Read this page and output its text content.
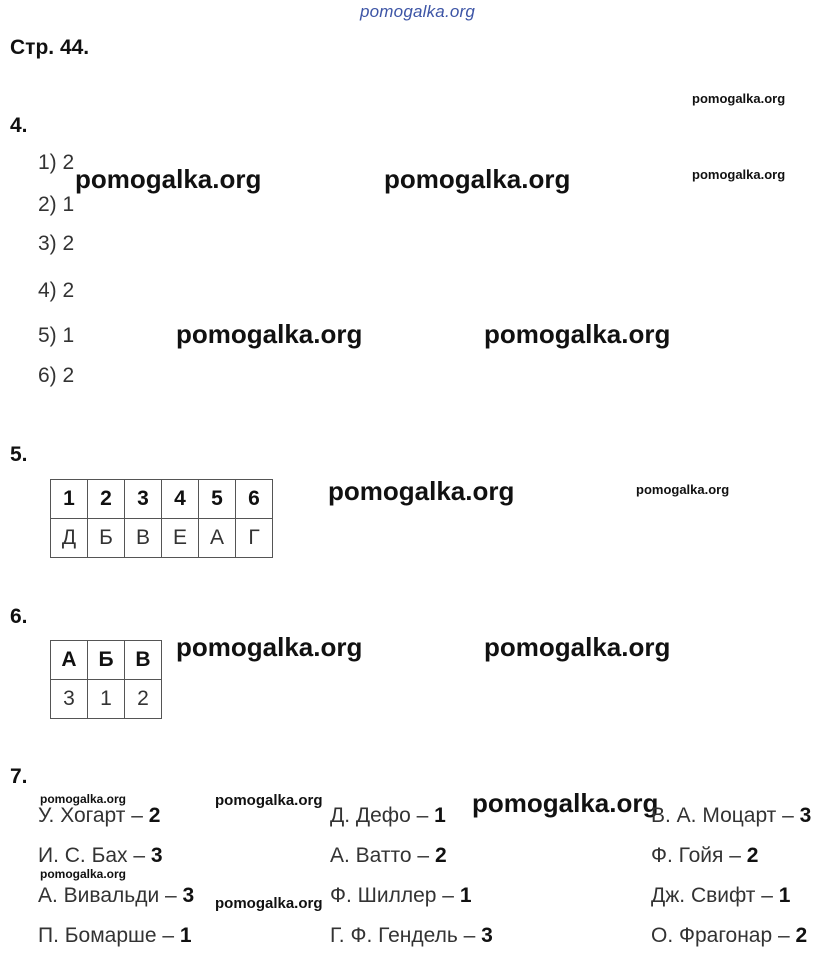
pomogalka.org
Стр. 44.
pomogalka.org
pomogalka.org
pomogalka.org	pomogalka.org
pomogalka.org	pomogalka.org
pomogalka.org	pomogalka.org
pomogalka.org	pomogalka.org
pomogalka.org	pomogalka.org	pomogalka.org
pomogalka.org
pomogalka.org
4.
1) 2
2) 1
3) 2
4) 2
5) 1
6) 2
5.
1	2	3	4	5	6
Д	Б	В	Е	А	Г
6.
А	Б	В
3	1	2
7.
У. Хогарт – 2
И. С. Бах – 3
А. Вивальди – 3
П. Бомарше – 1
Д. Дефо – 1
А. Ватто – 2
Ф. Шиллер – 1
Г. Ф. Гендель – 3
В. А. Моцарт – 3
Ф. Гойя – 2
Дж. Свифт – 1
О. Фрагонар – 2
